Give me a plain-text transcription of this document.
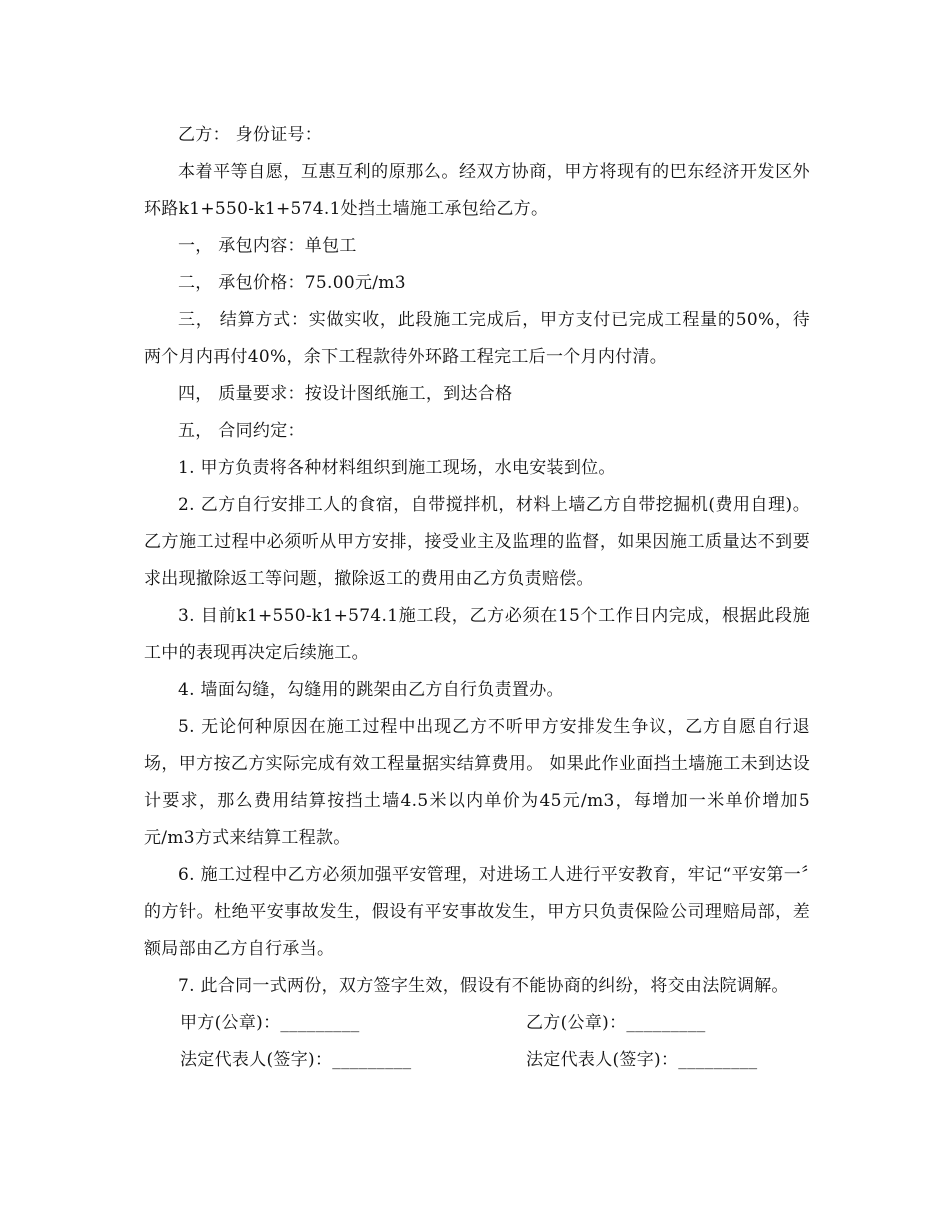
乙方： 身份证号：

本着平等自愿，互惠互利的原那么。经双方协商，甲方将现有的巴东经济开发区外环路k1+550-k1+574.1处挡土墙施工承包给乙方。

一， 承包内容：单包工

二， 承包价格：75.00元/m3

三， 结算方式：实做实收，此段施工完成后，甲方支付已完成工程量的50%，待两个月内再付40%，余下工程款待外环路工程完工后一个月内付清。

四， 质量要求：按设计图纸施工，到达合格

五， 合同约定：

1. 甲方负责将各种材料组织到施工现场，水电安装到位。

2. 乙方自行安排工人的食宿，自带搅拌机，材料上墙乙方自带挖掘机(费用自理)。乙方施工过程中必须听从甲方安排，接受业主及监理的监督，如果因施工质量达不到要求出现撤除返工等问题，撤除返工的费用由乙方负责赔偿。

3. 目前k1+550-k1+574.1施工段，乙方必须在15个工作日内完成，根据此段施工中的表现再决定后续施工。

4. 墙面勾缝，勾缝用的跳架由乙方自行负责置办。

5. 无论何种原因在施工过程中出现乙方不听甲方安排发生争议，乙方自愿自行退场，甲方按乙方实际完成有效工程量据实结算费用。 如果此作业面挡土墙施工未到达设计要求，那么费用结算按挡土墙4.5米以内单价为45元/m3，每增加一米单价增加5元/m3方式来结算工程款。

6. 施工过程中乙方必须加强平安管理，对进场工人进行平安教育，牢记“平安第一〞的方针。杜绝平安事故发生，假设有平安事故发生，甲方只负责保险公司理赔局部，差额局部由乙方自行承当。

7. 此合同一式两份，双方签字生效，假设有不能协商的纠纷，将交由法院调解。

甲方(公章)：_________	乙方(公章)：_________
法定代表人(签字)：_________	法定代表人(签字)：_________
